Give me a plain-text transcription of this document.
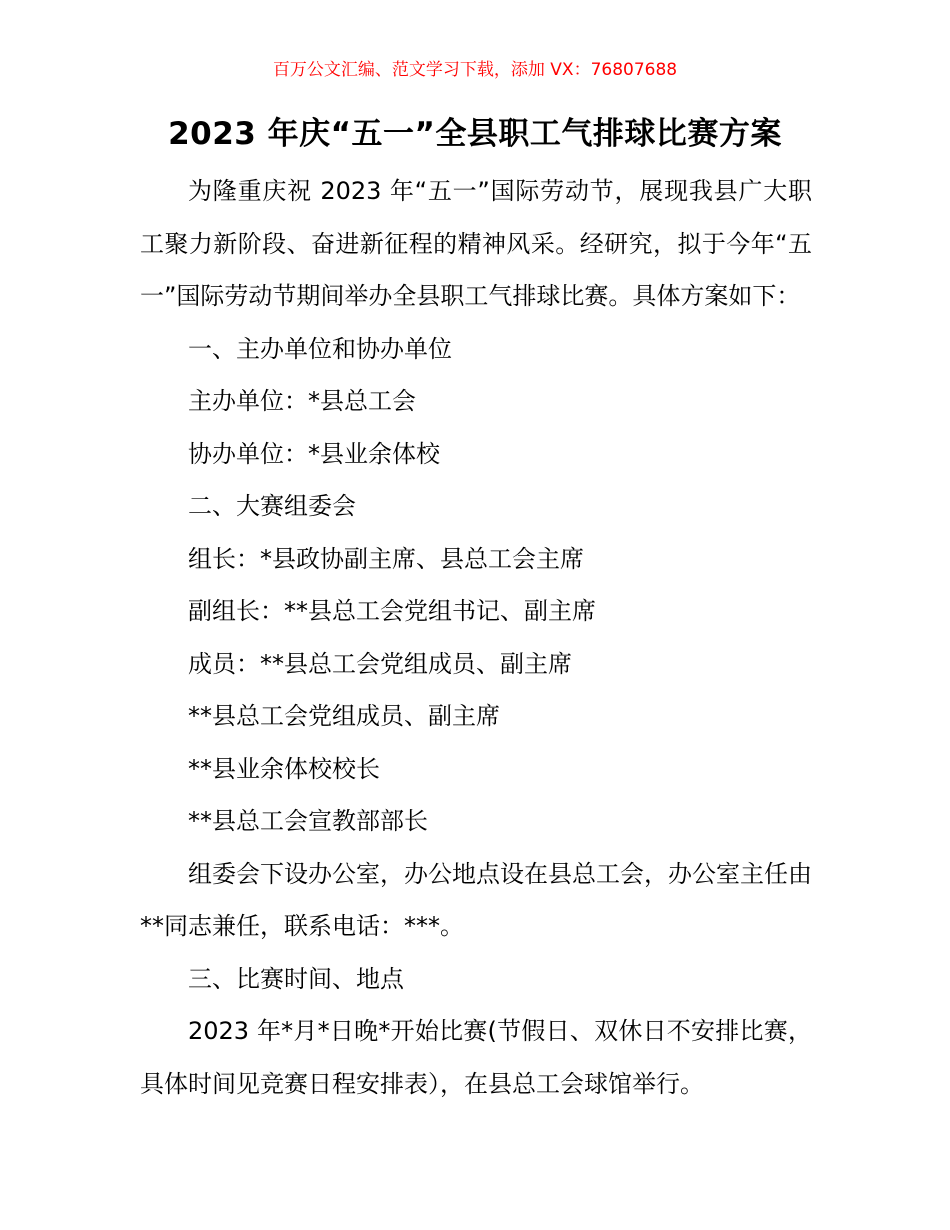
百万公文汇编、范文学习下载，添加 VX：76807688
2023 年庆“五一”全县职工气排球比赛方案

为隆重庆祝 2023 年“五一”国际劳动节，展现我县广大职工聚力新阶段、奋进新征程的精神风采。经研究，拟于今年“五一”国际劳动节期间举办全县职工气排球比赛。具体方案如下：

一、主办单位和协办单位

主办单位：*县总工会

协办单位：*县业余体校

二、大赛组委会

组长：*县政协副主席、县总工会主席

副组长：**县总工会党组书记、副主席

成员：**县总工会党组成员、副主席

**县总工会党组成员、副主席

**县业余体校校长

**县总工会宣教部部长

组委会下设办公室，办公地点设在县总工会，办公室主任由**同志兼任，联系电话：***。

三、比赛时间、地点

2023 年*月*日晚*开始比赛(节假日、双休日不安排比赛，具体时间见竞赛日程安排表），在县总工会球馆举行。
